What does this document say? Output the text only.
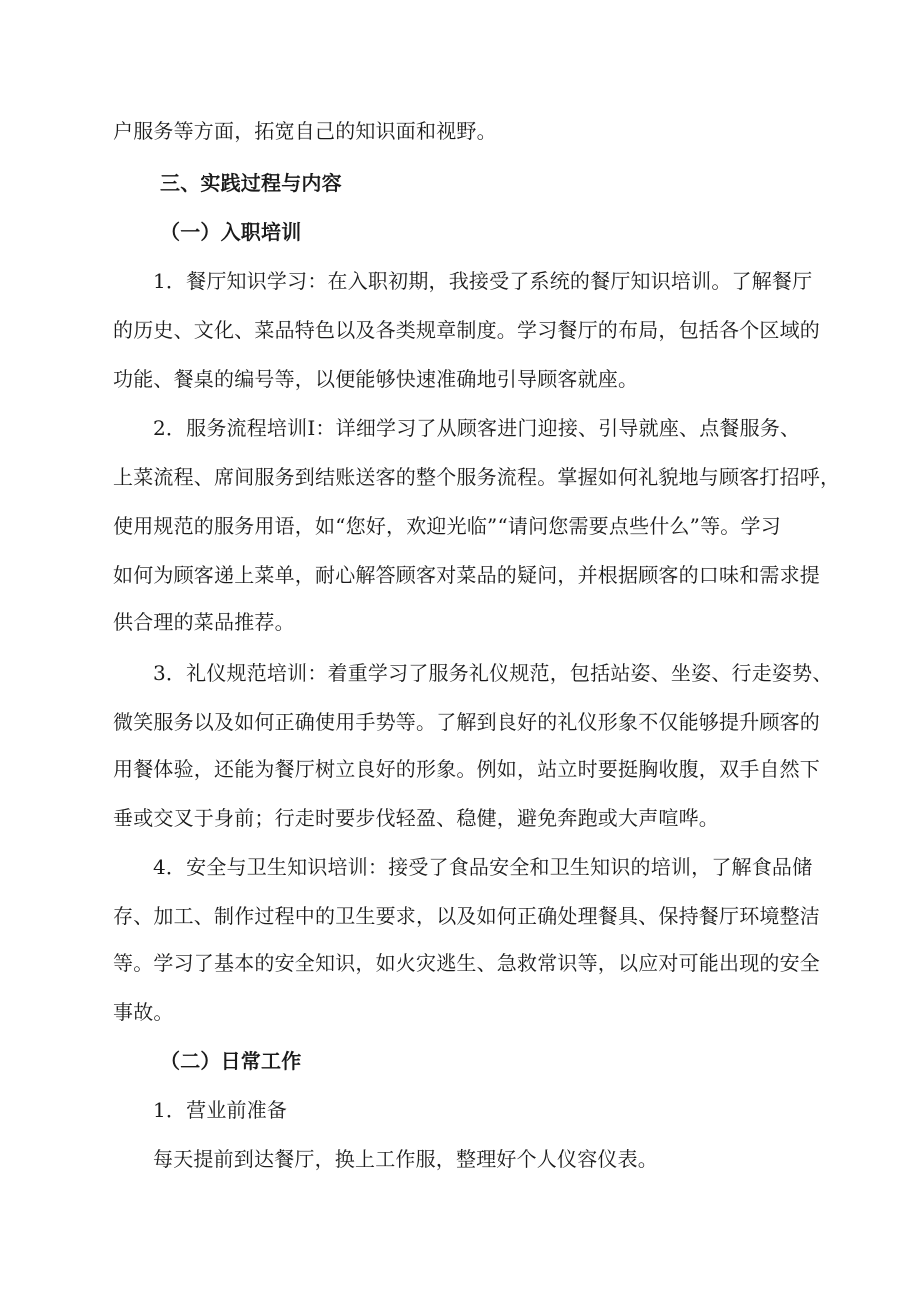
户服务等方面，拓宽自己的知识面和视野。
三、实践过程与内容
（一）入职培训
1．餐厅知识学习：在入职初期，我接受了系统的餐厅知识培训。了解餐厅
的历史、文化、菜品特色以及各类规章制度。学习餐厅的布局，包括各个区域的
功能、餐桌的编号等，以便能够快速准确地引导顾客就座。
2．服务流程培训I：详细学习了从顾客进门迎接、引导就座、点餐服务、
上菜流程、席间服务到结账送客的整个服务流程。掌握如何礼貌地与顾客打招呼，
使用规范的服务用语，如“您好，欢迎光临”“请问您需要点些什么”等。学习
如何为顾客递上菜单，耐心解答顾客对菜品的疑问，并根据顾客的口味和需求提
供合理的菜品推荐。
3．礼仪规范培训：着重学习了服务礼仪规范，包括站姿、坐姿、行走姿势、
微笑服务以及如何正确使用手势等。了解到良好的礼仪形象不仅能够提升顾客的
用餐体验，还能为餐厅树立良好的形象。例如，站立时要挺胸收腹，双手自然下
垂或交叉于身前；行走时要步伐轻盈、稳健，避免奔跑或大声喧哗。
4．安全与卫生知识培训：接受了食品安全和卫生知识的培训，了解食品储
存、加工、制作过程中的卫生要求，以及如何正确处理餐具、保持餐厅环境整洁
等。学习了基本的安全知识，如火灾逃生、急救常识等，以应对可能出现的安全
事故。
（二）日常工作
1．营业前准备
每天提前到达餐厅，换上工作服，整理好个人仪容仪表。
